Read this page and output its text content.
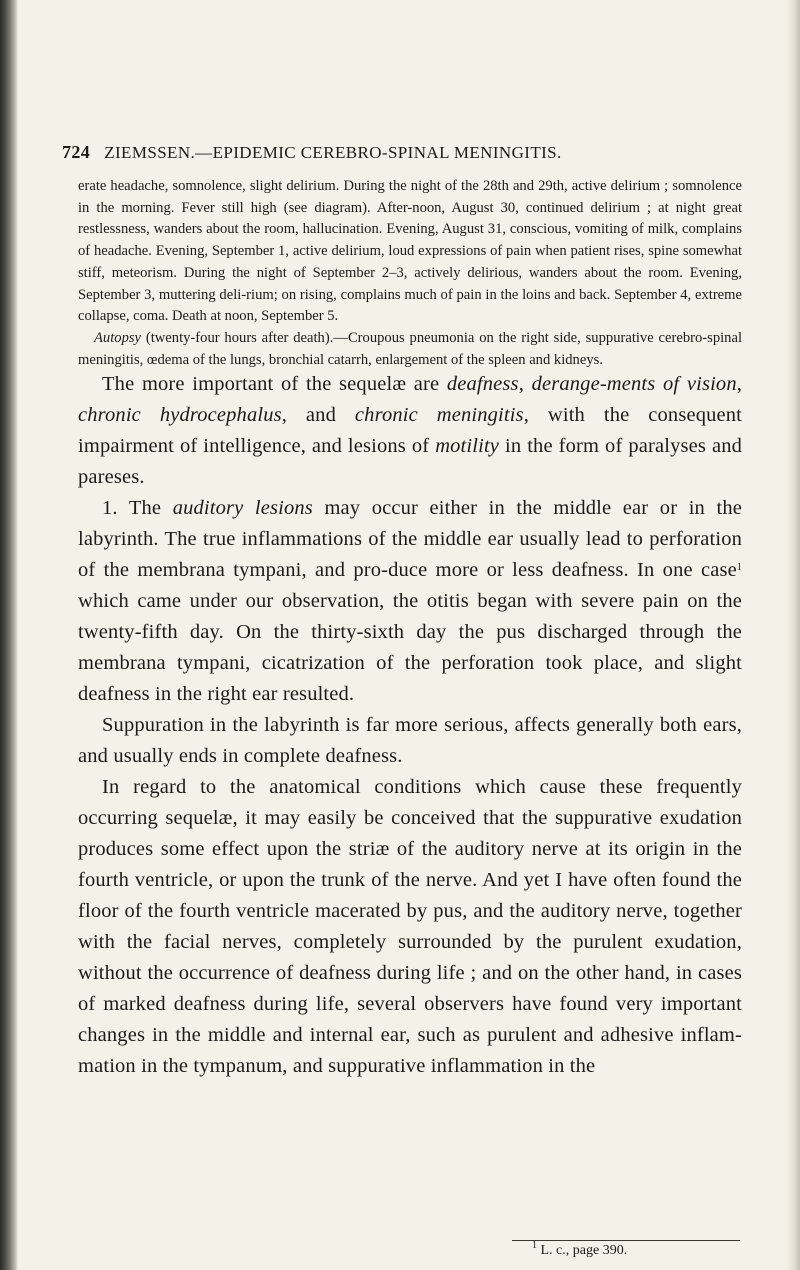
724 ZIEMSSEN.—EPIDEMIC CEREBRO-SPINAL MENINGITIS.

erate headache, somnolence, slight delirium. During the night of the 28th and 29th, active delirium ; somnolence in the morning. Fever still high (see diagram). After-noon, August 30, continued delirium ; at night great restlessness, wanders about the room, hallucination. Evening, August 31, conscious, vomiting of milk, complains of headache. Evening, September 1, active delirium, loud expressions of pain when patient rises, spine somewhat stiff, meteorism. During the night of September 2–3, actively delirious, wanders about the room. Evening, September 3, muttering deli-rium; on rising, complains much of pain in the loins and back. September 4, extreme collapse, coma. Death at noon, September 5.

Autopsy (twenty-four hours after death).—Croupous pneumonia on the right side, suppurative cerebro-spinal meningitis, œdema of the lungs, bronchial catarrh, enlargement of the spleen and kidneys.

The more important of the sequelæ are deafness, derange-ments of vision, chronic hydrocephalus, and chronic meningitis, with the consequent impairment of intelligence, and lesions of motility in the form of paralyses and pareses.

1. The auditory lesions may occur either in the middle ear or in the labyrinth. The true inflammations of the middle ear usually lead to perforation of the membrana tympani, and pro-duce more or less deafness. In one case$^1$ which came under our observation, the otitis began with severe pain on the twenty-fifth day. On the thirty-sixth day the pus discharged through the membrana tympani, cicatrization of the perforation took place, and slight deafness in the right ear resulted.

Suppuration in the labyrinth is far more serious, affects generally both ears, and usually ends in complete deafness.

In regard to the anatomical conditions which cause these frequently occurring sequelæ, it may easily be conceived that the suppurative exudation produces some effect upon the striæ of the auditory nerve at its origin in the fourth ventricle, or upon the trunk of the nerve. And yet I have often found the floor of the fourth ventricle macerated by pus, and the auditory nerve, together with the facial nerves, completely surrounded by the purulent exudation, without the occurrence of deafness during life ; and on the other hand, in cases of marked deafness during life, several observers have found very important changes in the middle and internal ear, such as purulent and adhesive inflam-mation in the tympanum, and suppurative inflammation in the

$^1$ L. c., page 390.
